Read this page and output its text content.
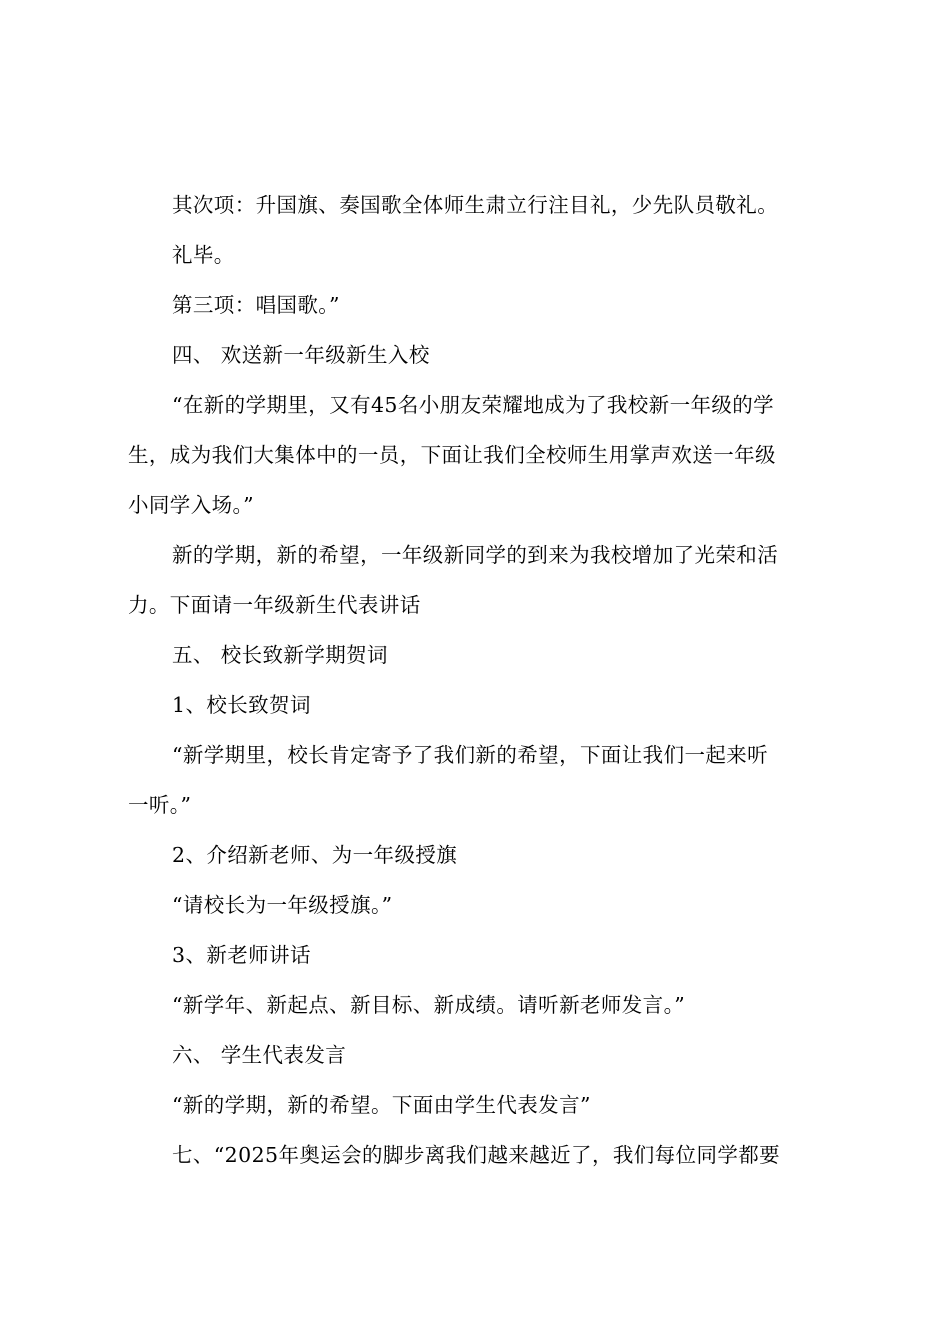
其次项：升国旗、奏国歌全体师生肃立行注目礼，少先队员敬礼。
礼毕。
第三项：唱国歌。”
四、 欢送新一年级新生入校
“在新的学期里，又有45名小朋友荣耀地成为了我校新一年级的学
生，成为我们大集体中的一员，下面让我们全校师生用掌声欢送一年级
小同学入场。”
新的学期，新的希望，一年级新同学的到来为我校增加了光荣和活
力。下面请一年级新生代表讲话
五、 校长致新学期贺词
1、校长致贺词
“新学期里，校长肯定寄予了我们新的希望，下面让我们一起来听
一听。”
2、介绍新老师、为一年级授旗
“请校长为一年级授旗。”
3、新老师讲话
“新学年、新起点、新目标、新成绩。请听新老师发言。”
六、 学生代表发言
“新的学期，新的希望。下面由学生代表发言”
七、“2025年奥运会的脚步离我们越来越近了，我们每位同学都要
